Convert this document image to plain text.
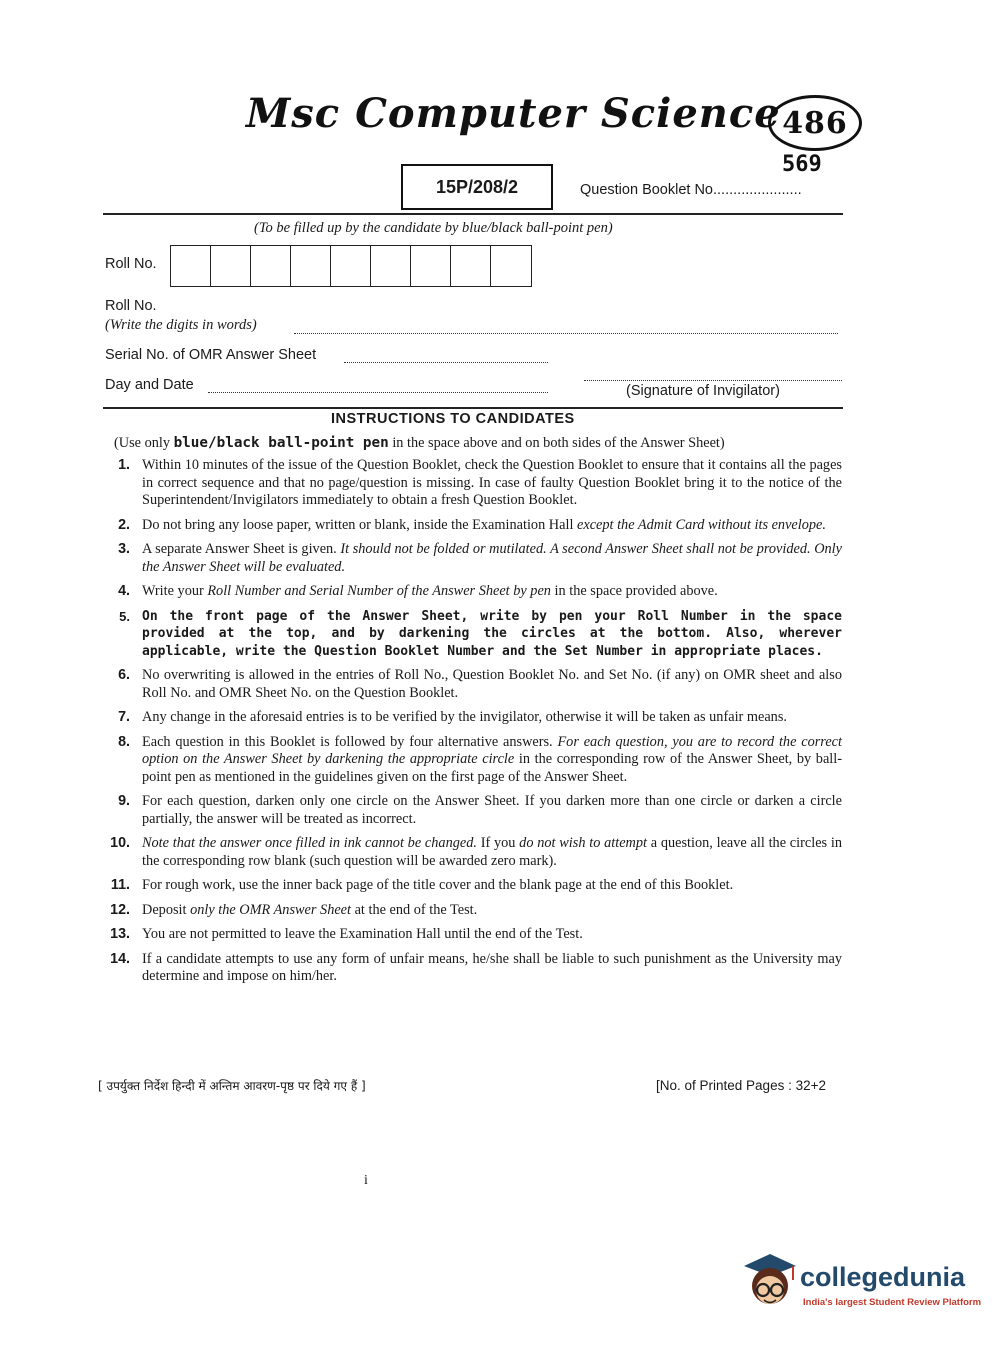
Msc Computer Science 486
569
15P/208/2	Question Booklet No......................
(To be filled up by the candidate by blue/black ball-point pen)
Roll No.
Roll No.
(Write the digits in words)
Serial No. of OMR Answer Sheet
Day and Date	(Signature of Invigilator)
INSTRUCTIONS TO CANDIDATES
(Use only blue/black ball-point pen in the space above and on both sides of the Answer Sheet)
1. Within 10 minutes of the issue of the Question Booklet, check the Question Booklet to ensure that it contains all the pages in correct sequence and that no page/question is missing. In case of faulty Question Booklet bring it to the notice of the Superintendent/Invigilators immediately to obtain a fresh Question Booklet.
2. Do not bring any loose paper, written or blank, inside the Examination Hall except the Admit Card without its envelope.
3. A separate Answer Sheet is given. It should not be folded or mutilated. A second Answer Sheet shall not be provided. Only the Answer Sheet will be evaluated.
4. Write your Roll Number and Serial Number of the Answer Sheet by pen in the space provided above.
5. On the front page of the Answer Sheet, write by pen your Roll Number in the space provided at the top, and by darkening the circles at the bottom. Also, wherever applicable, write the Question Booklet Number and the Set Number in appropriate places.
6. No overwriting is allowed in the entries of Roll No., Question Booklet No. and Set No. (if any) on OMR sheet and also Roll No. and OMR Sheet No. on the Question Booklet.
7. Any change in the aforesaid entries is to be verified by the invigilator, otherwise it will be taken as unfair means.
8. Each question in this Booklet is followed by four alternative answers. For each question, you are to record the correct option on the Answer Sheet by darkening the appropriate circle in the corresponding row of the Answer Sheet, by ball-point pen as mentioned in the guidelines given on the first page of the Answer Sheet.
9. For each question, darken only one circle on the Answer Sheet. If you darken more than one circle or darken a circle partially, the answer will be treated as incorrect.
10. Note that the answer once filled in ink cannot be changed. If you do not wish to attempt a question, leave all the circles in the corresponding row blank (such question will be awarded zero mark).
11. For rough work, use the inner back page of the title cover and the blank page at the end of this Booklet.
12. Deposit only the OMR Answer Sheet at the end of the Test.
13. You are not permitted to leave the Examination Hall until the end of the Test.
14. If a candidate attempts to use any form of unfair means, he/she shall be liable to such punishment as the University may determine and impose on him/her.
[ उपर्युक्त निर्देश हिन्दी में अन्तिम आवरण-पृष्ठ पर दिये गए हैं ]	[No. of Printed Pages : 32+2
i
collegedunia
India's largest Student Review Platform
